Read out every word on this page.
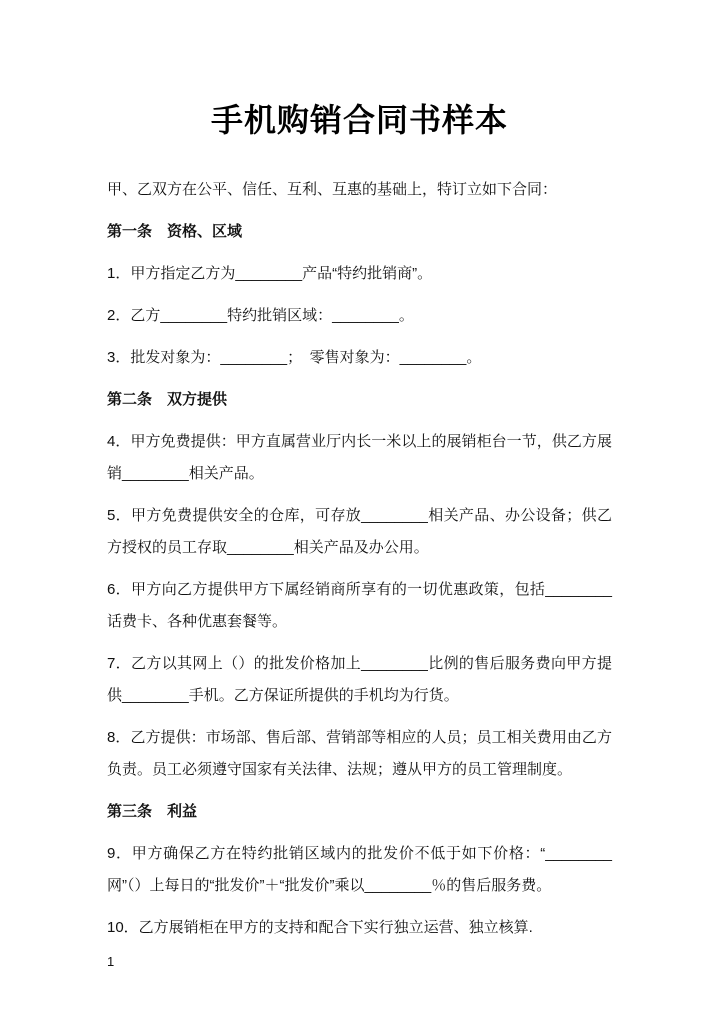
手机购销合同书样本

甲、乙双方在公平、信任、互利、互惠的基础上，特订立如下合同：

第一条　资格、区域

1．甲方指定乙方为________产品“特约批销商”。

2．乙方________特约批销区域：________。

3．批发对象为：________；　零售对象为：________。

第二条　双方提供

4．甲方免费提供：甲方直属营业厅内长一米以上的展销柜台一节，供乙方展销________相关产品。

5．甲方免费提供安全的仓库，可存放________相关产品、办公设备；供乙方授权的员工存取________相关产品及办公用。

6．甲方向乙方提供甲方下属经销商所享有的一切优惠政策，包括________话费卡、各种优惠套餐等。

7．乙方以其网上（）的批发价格加上________比例的售后服务费向甲方提供________手机。乙方保证所提供的手机均为行货。

8．乙方提供：市场部、售后部、营销部等相应的人员；员工相关费用由乙方负责。员工必须遵守国家有关法律、法规；遵从甲方的员工管理制度。

第三条　利益

9．甲方确保乙方在特约批销区域内的批发价不低于如下价格：“________网”（）上每日的“批发价”＋“批发价”乘以________％的售后服务费。

10．乙方展销柜在甲方的支持和配合下实行独立运营、独立核算.

1
